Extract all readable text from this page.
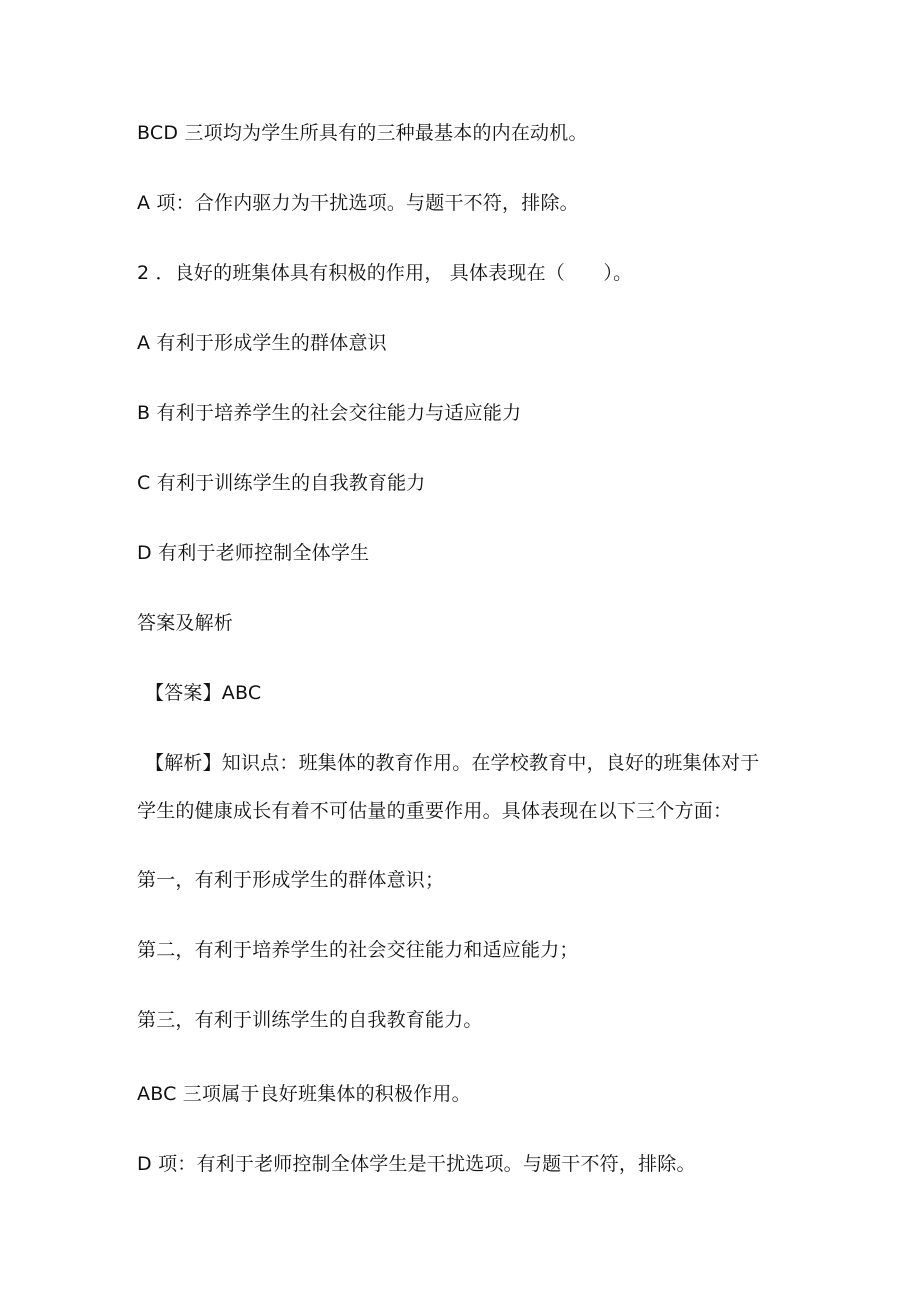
BCD 三项均为学生所具有的三种最基本的内在动机。
A 项：合作内驱力为干扰选项。与题干不符，排除。
2 ．良好的班集体具有积极的作用， 具体表现在（　　）。
A 有利于形成学生的群体意识
B 有利于培养学生的社会交往能力与适应能力
C 有利于训练学生的自我教育能力
D 有利于老师控制全体学生
答案及解析
【答案】ABC
【解析】知识点：班集体的教育作用。在学校教育中，良好的班集体对于
学生的健康成长有着不可估量的重要作用。具体表现在以下三个方面：
第一，有利于形成学生的群体意识；
第二，有利于培养学生的社会交往能力和适应能力；
第三，有利于训练学生的自我教育能力。
ABC 三项属于良好班集体的积极作用。
D 项：有利于老师控制全体学生是干扰选项。与题干不符，排除。
